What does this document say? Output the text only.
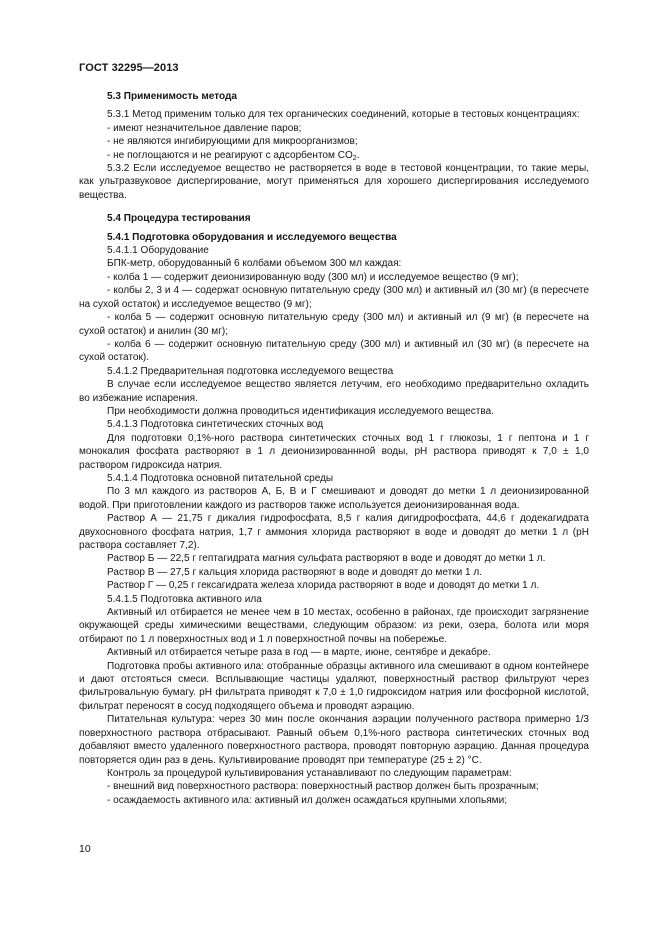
ГОСТ 32295—2013

5.3 Применимость метода

5.3.1 Метод применим только для тех органических соединений, которые в тестовых концентрациях:

- имеют незначительное давление паров;

- не являются ингибирующими для микроорганизмов;

- не поглощаются и не реагируют с адсорбентом $CO_2$.

5.3.2 Если исследуемое вещество не растворяется в воде в тестовой концентрации, то такие меры, как ультразвуковое диспергирование, могут применяться для хорошего диспергирования исследуемого вещества.

5.4 Процедура тестирования

5.4.1 Подготовка оборудования и исследуемого вещества

5.4.1.1 Оборудование

БПК-метр, оборудованный 6 колбами объемом 300 мл каждая:

- колба 1 — содержит деионизированную воду (300 мл) и исследуемое вещество (9 мг);

- колбы 2, 3 и 4 — содержат основную питательную среду (300 мл) и активный ил (30 мг) (в пересчете на сухой остаток) и исследуемое вещество (9 мг);

- колба 5 — содержит основную питательную среду (300 мл) и активный ил (9 мг) (в пересчете на сухой остаток) и анилин (30 мг);

- колба 6 — содержит основную питательную среду (300 мл) и активный ил (30 мг) (в пересчете на сухой остаток).

5.4.1.2 Предварительная подготовка исследуемого вещества

В случае если исследуемое вещество является летучим, его необходимо предварительно охладить во избежание испарения.

При необходимости должна проводиться идентификация исследуемого вещества.

5.4.1.3 Подготовка синтетических сточных вод

Для подготовки 0,1%-ного раствора синтетических сточных вод 1 г глюкозы, 1 г пептона и 1 г монокалия фосфата растворяют в 1 л деионизированнной воды, pH раствора приводят к 7,0 ± 1,0 раствором гидроксида натрия.

5.4.1.4 Подготовка основной питательной среды

По 3 мл каждого из растворов А, Б, В и Г смешивают и доводят до метки 1 л деионизированной водой. При приготовлении каждого из растворов также используется деионизированная вода.

Раствор А — 21,75 г дикалия гидрофосфата, 8,5 г калия дигидрофосфата, 44,6 г додекагидрата двухосновного фосфата натрия, 1,7 г аммония хлорида растворяют в воде и доводят до метки 1 л (pH раствора составляет 7,2).

Раствор Б — 22,5 г гептагидрата магния сульфата растворяют в воде и доводят до метки 1 л.

Раствор В — 27,5 г кальция хлорида растворяют в воде и доводят до метки 1 л.

Раствор Г — 0,25 г гексагидрата железа хлорида растворяют в воде и доводят до метки 1 л.

5.4.1.5 Подготовка активного ила

Активный ил отбирается не менее чем в 10 местах, особенно в районах, где происходит загрязнение окружающей среды химическими веществами, следующим образом: из реки, озера, болота или моря отбирают по 1 л поверхностных вод и 1 л поверхностной почвы на побережье.

Активный ил отбирается четыре раза в год — в марте, июне, сентябре и декабре.

Подготовка пробы активного ила: отобранные образцы активного ила смешивают в одном контейнере и дают отстояться смеси. Всплывающие частицы удаляют, поверхностный раствор фильтруют через фильтровальную бумагу. pH фильтрата приводят к 7,0 ± 1,0 гидроксидом натрия или фосфорной кислотой, фильтрат переносят в сосуд подходящего объема и проводят аэрацию.

Питательная культура: через 30 мин после окончания аэрации полученного раствора примерно 1/3 поверхностного раствора отбрасывают. Равный объем 0,1%-ного раствора синтетических сточных вод добавляют вместо удаленного поверхностного раствора, проводят повторную аэрацию. Данная процедура повторяется один раз в день. Культивирование проводят при температуре (25 ± 2) °С.

Контроль за процедурой культивирования устанавливают по следующим параметрам:

- внешний вид поверхностного раствора: поверхностный раствор должен быть прозрачным;

- осаждаемость активного ила: активный ил должен осаждаться крупными хлопьями;

10
